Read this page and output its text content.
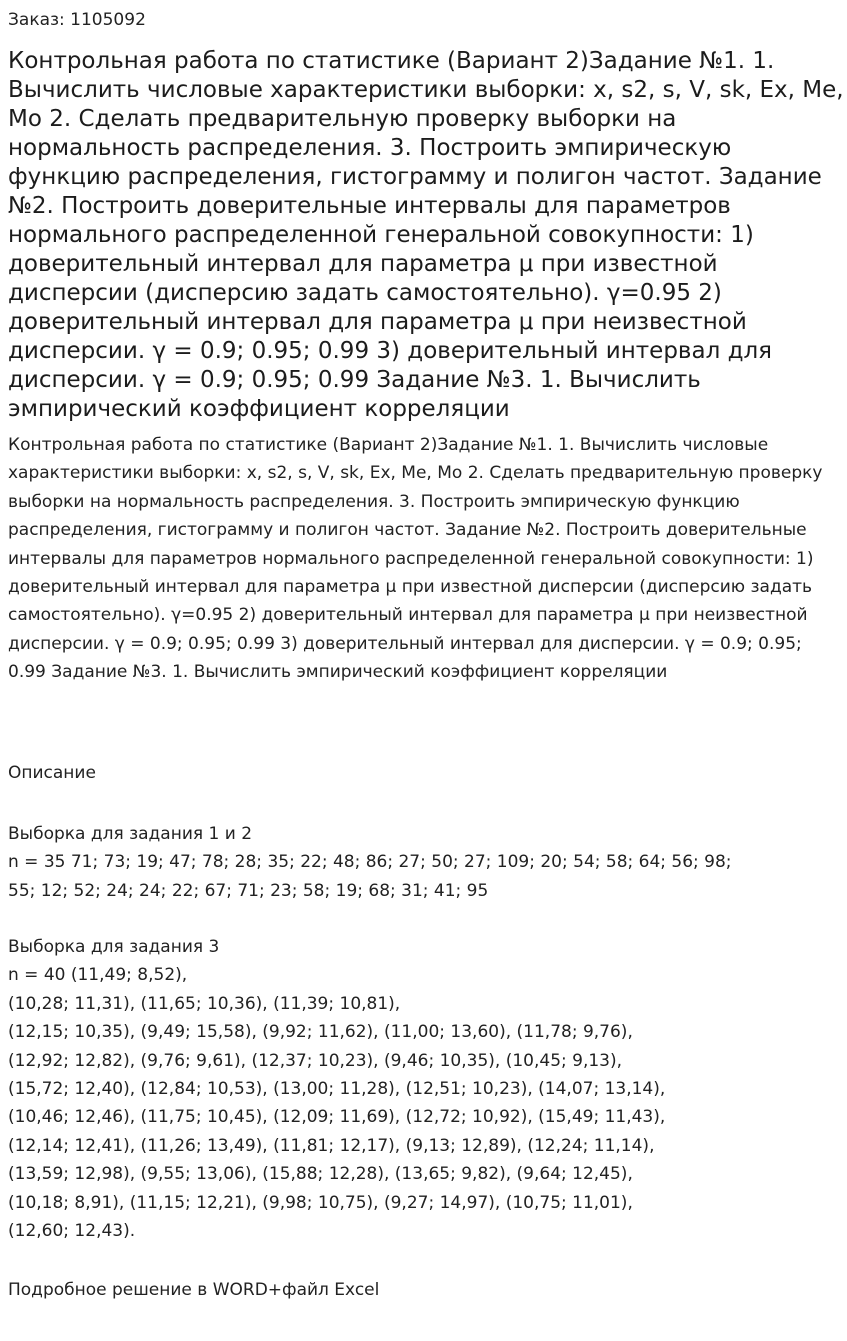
Заказ: 1105092

Контрольная работа по статистике (Вариант 2)Задание №1. 1. Вычислить числовые характеристики выборки: x, s2, s, V, sk, Ex, Me, Mo 2. Сделать предварительную проверку выборки на нормальность распределения. 3. Построить эмпирическую функцию распределения, гистограмму и полигон частот. Задание №2. Построить доверительные интервалы для параметров нормального распределенной генеральной совокупности: 1) доверительный интервал для параметра μ при известной дисперсии (дисперсию задать самостоятельно). γ=0.95 2) доверительный интервал для параметра μ при неизвестной дисперсии. γ = 0.9; 0.95; 0.99 3) доверительный интервал для дисперсии. γ = 0.9; 0.95; 0.99 Задание №3. 1. Вычислить эмпирический коэффициент корреляции

Контрольная работа по статистике (Вариант 2)Задание №1. 1. Вычислить числовые характеристики выборки: x, s2, s, V, sk, Ex, Me, Mo 2. Сделать предварительную проверку выборки на нормальность распределения. 3. Построить эмпирическую функцию распределения, гистограмму и полигон частот. Задание №2. Построить доверительные интервалы для параметров нормального распределенной генеральной совокупности: 1) доверительный интервал для параметра μ при известной дисперсии (дисперсию задать самостоятельно). γ=0.95 2) доверительный интервал для параметра μ при неизвестной дисперсии. γ = 0.9; 0.95; 0.99 3) доверительный интервал для дисперсии. γ = 0.9; 0.95; 0.99 Задание №3. 1. Вычислить эмпирический коэффициент корреляции

Описание
Выборка для задания 1 и 2
n = 35 71; 73; 19; 47; 78; 28; 35; 22; 48; 86; 27; 50; 27; 109; 20; 54; 58; 64; 56; 98;
55; 12; 52; 24; 24; 22; 67; 71; 23; 58; 19; 68; 31; 41; 95
Выборка для задания 3
n = 40 (11,49; 8,52),
(10,28; 11,31), (11,65; 10,36), (11,39; 10,81),
(12,15; 10,35), (9,49; 15,58), (9,92; 11,62), (11,00; 13,60), (11,78; 9,76),
(12,92; 12,82), (9,76; 9,61), (12,37; 10,23), (9,46; 10,35), (10,45; 9,13),
(15,72; 12,40), (12,84; 10,53), (13,00; 11,28), (12,51; 10,23), (14,07; 13,14),
(10,46; 12,46), (11,75; 10,45), (12,09; 11,69), (12,72; 10,92), (15,49; 11,43),
(12,14; 12,41), (11,26; 13,49), (11,81; 12,17), (9,13; 12,89), (12,24; 11,14),
(13,59; 12,98), (9,55; 13,06), (15,88; 12,28), (13,65; 9,82), (9,64; 12,45),
(10,18; 8,91), (11,15; 12,21), (9,98; 10,75), (9,27; 14,97), (10,75; 11,01),
(12,60; 12,43).

Подробное решение в WORD+файл Excel
